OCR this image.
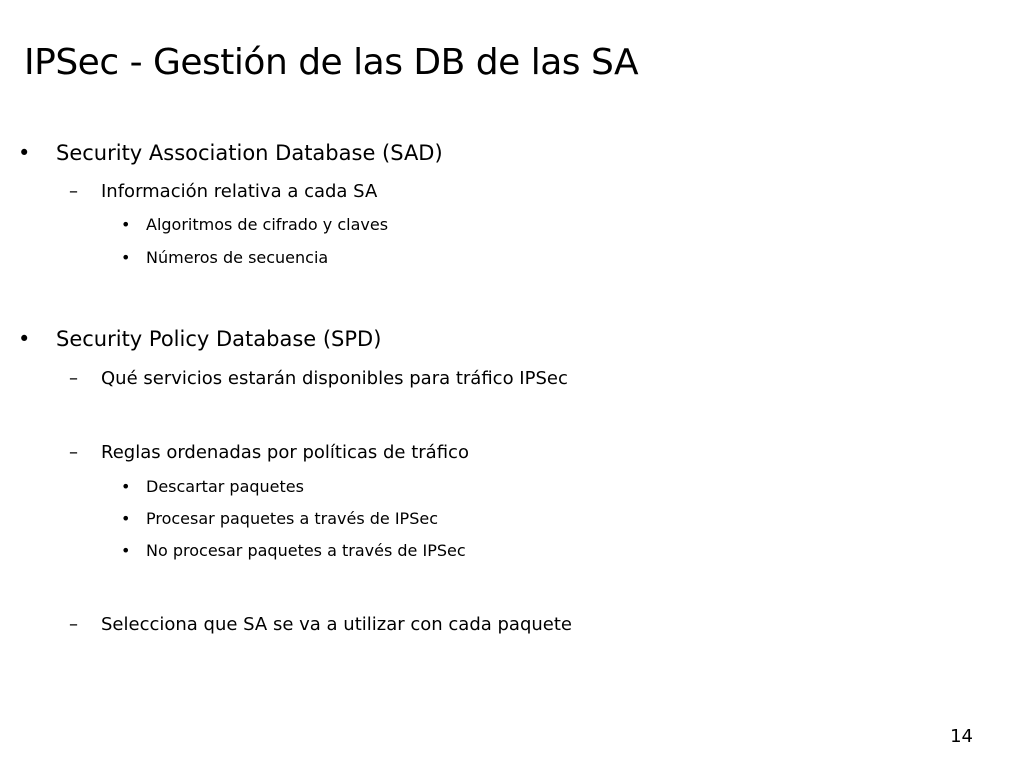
IPSec - Gestión de las DB de las SA
• Security Association Database (SAD)
– Información relativa a cada SA
• Algoritmos de cifrado y claves
• Números de secuencia
• Security Policy Database (SPD)
– Qué servicios estarán disponibles para tráfico IPSec
– Reglas ordenadas por políticas de tráfico
• Descartar paquetes
• Procesar paquetes a través de IPSec
• No procesar paquetes a través de IPSec
– Selecciona que SA se va a utilizar con cada paquete
14
